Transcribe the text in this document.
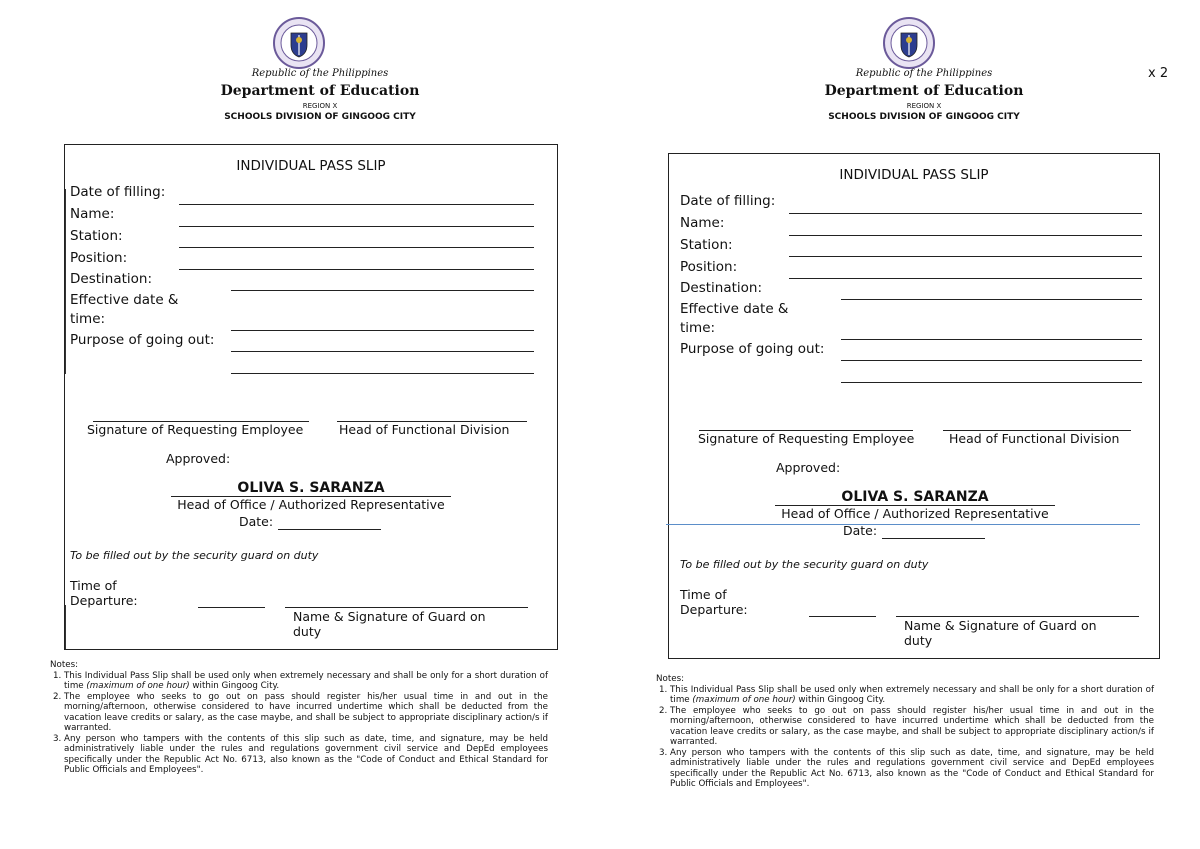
Republic of the Philippines
Department of Education
REGION X
SCHOOLS DIVISION OF GINGOOG CITY
INDIVIDUAL PASS SLIP
Date of filling:
Name:
Station:
Position:
Destination:
Effective date &
time:
Purpose of going out:
Signature of Requesting Employee	Head of Functional Division
Approved:
OLIVA S. SARANZA
Head of Office / Authorized Representative
Date:
To be filled out by the security guard on duty
Time of
Departure:
Name & Signature of Guard on
duty
Notes:
1. This Individual Pass Slip shall be used only when extremely necessary and shall be only for a short duration of time (maximum of one hour) within Gingoog City.
2. The employee who seeks to go out on pass should register his/her usual time in and out in the morning/afternoon, otherwise considered to have incurred undertime which shall be deducted from the vacation leave credits or salary, as the case maybe, and shall be subject to appropriate disciplinary action/s if warranted.
3. Any person who tampers with the contents of this slip such as date, time, and signature, may be held administratively liable under the rules and regulations government civil service and DepEd employees specifically under the Republic Act No. 6713, also known as the "Code of Conduct and Ethical Standard for Public Officials and Employees".
Republic of the Philippines
Department of Education
REGION X
SCHOOLS DIVISION OF GINGOOG CITY
INDIVIDUAL PASS SLIP
Date of filling:
Name:
Station:
Position:
Destination:
Effective date &
time:
Purpose of going out:
Signature of Requesting Employee	Head of Functional Division
Approved:
OLIVA S. SARANZA
Head of Office / Authorized Representative
Date:
To be filled out by the security guard on duty
Time of
Departure:
Name & Signature of Guard on
duty
Notes:
1. This Individual Pass Slip shall be used only when extremely necessary and shall be only for a short duration of time (maximum of one hour) within Gingoog City.
2. The employee who seeks to go out on pass should register his/her usual time in and out in the morning/afternoon, otherwise considered to have incurred undertime which shall be deducted from the vacation leave credits or salary, as the case maybe, and shall be subject to appropriate disciplinary action/s if warranted.
3. Any person who tampers with the contents of this slip such as date, time, and signature, may be held administratively liable under the rules and regulations government civil service and DepEd employees specifically under the Republic Act No. 6713, also known as the "Code of Conduct and Ethical Standard for Public Officials and Employees".
x 2
